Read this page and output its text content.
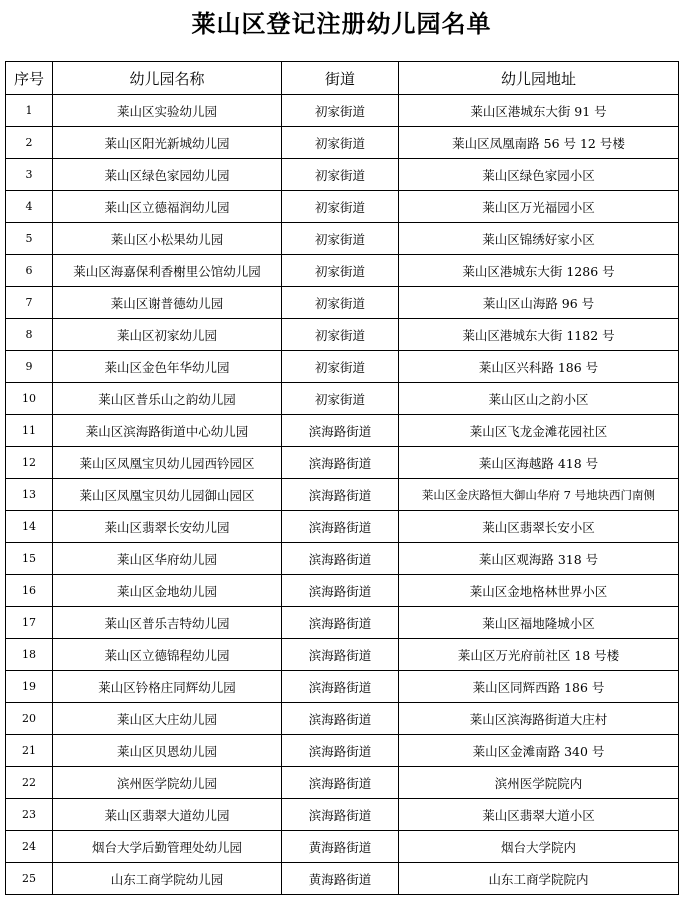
莱山区登记注册幼儿园名单
序号	幼儿园名称	街道	幼儿园地址
1	莱山区实验幼儿园	初家街道	莱山区港城东大街 91 号
2	莱山区阳光新城幼儿园	初家街道	莱山区凤凰南路 56 号 12 号楼
3	莱山区绿色家园幼儿园	初家街道	莱山区绿色家园小区
4	莱山区立德福润幼儿园	初家街道	莱山区万光福园小区
5	莱山区小松果幼儿园	初家街道	莱山区锦绣好家小区
6	莱山区海嘉保利香榭里公馆幼儿园	初家街道	莱山区港城东大街 1286 号
7	莱山区谢普德幼儿园	初家街道	莱山区山海路 96 号
8	莱山区初家幼儿园	初家街道	莱山区港城东大街 1182 号
9	莱山区金色年华幼儿园	初家街道	莱山区兴科路 186 号
10	莱山区普乐山之韵幼儿园	初家街道	莱山区山之韵小区
11	莱山区滨海路街道中心幼儿园	滨海路街道	莱山区飞龙金滩花园社区
12	莱山区凤凰宝贝幼儿园西钤园区	滨海路街道	莱山区海越路 418 号
13	莱山区凤凰宝贝幼儿园御山园区	滨海路街道	莱山区金庆路恒大御山华府 7 号地块西门南侧
14	莱山区翡翠长安幼儿园	滨海路街道	莱山区翡翠长安小区
15	莱山区华府幼儿园	滨海路街道	莱山区观海路 318 号
16	莱山区金地幼儿园	滨海路街道	莱山区金地格林世界小区
17	莱山区普乐吉特幼儿园	滨海路街道	莱山区福地隆城小区
18	莱山区立德锦程幼儿园	滨海路街道	莱山区万光府前社区 18 号楼
19	莱山区钤格庄同辉幼儿园	滨海路街道	莱山区同辉西路 186 号
20	莱山区大庄幼儿园	滨海路街道	莱山区滨海路街道大庄村
21	莱山区贝恩幼儿园	滨海路街道	莱山区金滩南路 340 号
22	滨州医学院幼儿园	滨海路街道	滨州医学院院内
23	莱山区翡翠大道幼儿园	滨海路街道	莱山区翡翠大道小区
24	烟台大学后勤管理处幼儿园	黄海路街道	烟台大学院内
25	山东工商学院幼儿园	黄海路街道	山东工商学院院内
